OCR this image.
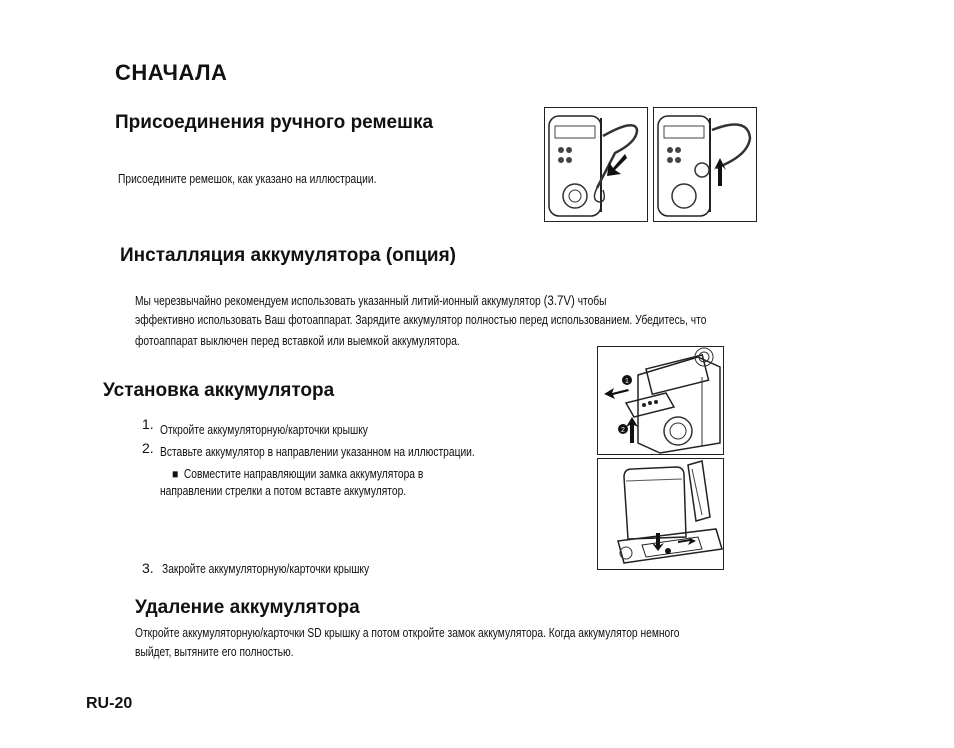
СНАЧАЛА
Присоединения ручного ремешка
Присоедините ремешок, как указано на иллюстрации.
Инсталляция аккумулятора (опция)
Мы черезвычайно рекомендуем использовать указанный литий-ионный аккумулятор (3.7V) чтобы
эффективно использовать Ваш фотоаппарат. Зарядите аккумулятор полностью перед использованием. Убедитесь, что
фотоаппарат выключен перед вставкой или выемкой аккумулятора.
Установка аккумулятора
1. Откройте аккумуляторную/карточки крышку
2. Вставьте аккумулятор в направлении указанном на иллюстрации.
■ Совместите направляющии замка аккумулятора в
направлении стрелки а потом вставте аккумулятор.
3. Закройте аккумуляторную/карточки крышку
1
2
Удаление аккумулятора
Откройте аккумуляторную/карточки SD крышку а потом откройте замок аккумулятора. Когда аккумулятор немного
выйдет, вытяните его полностью.
RU-20
